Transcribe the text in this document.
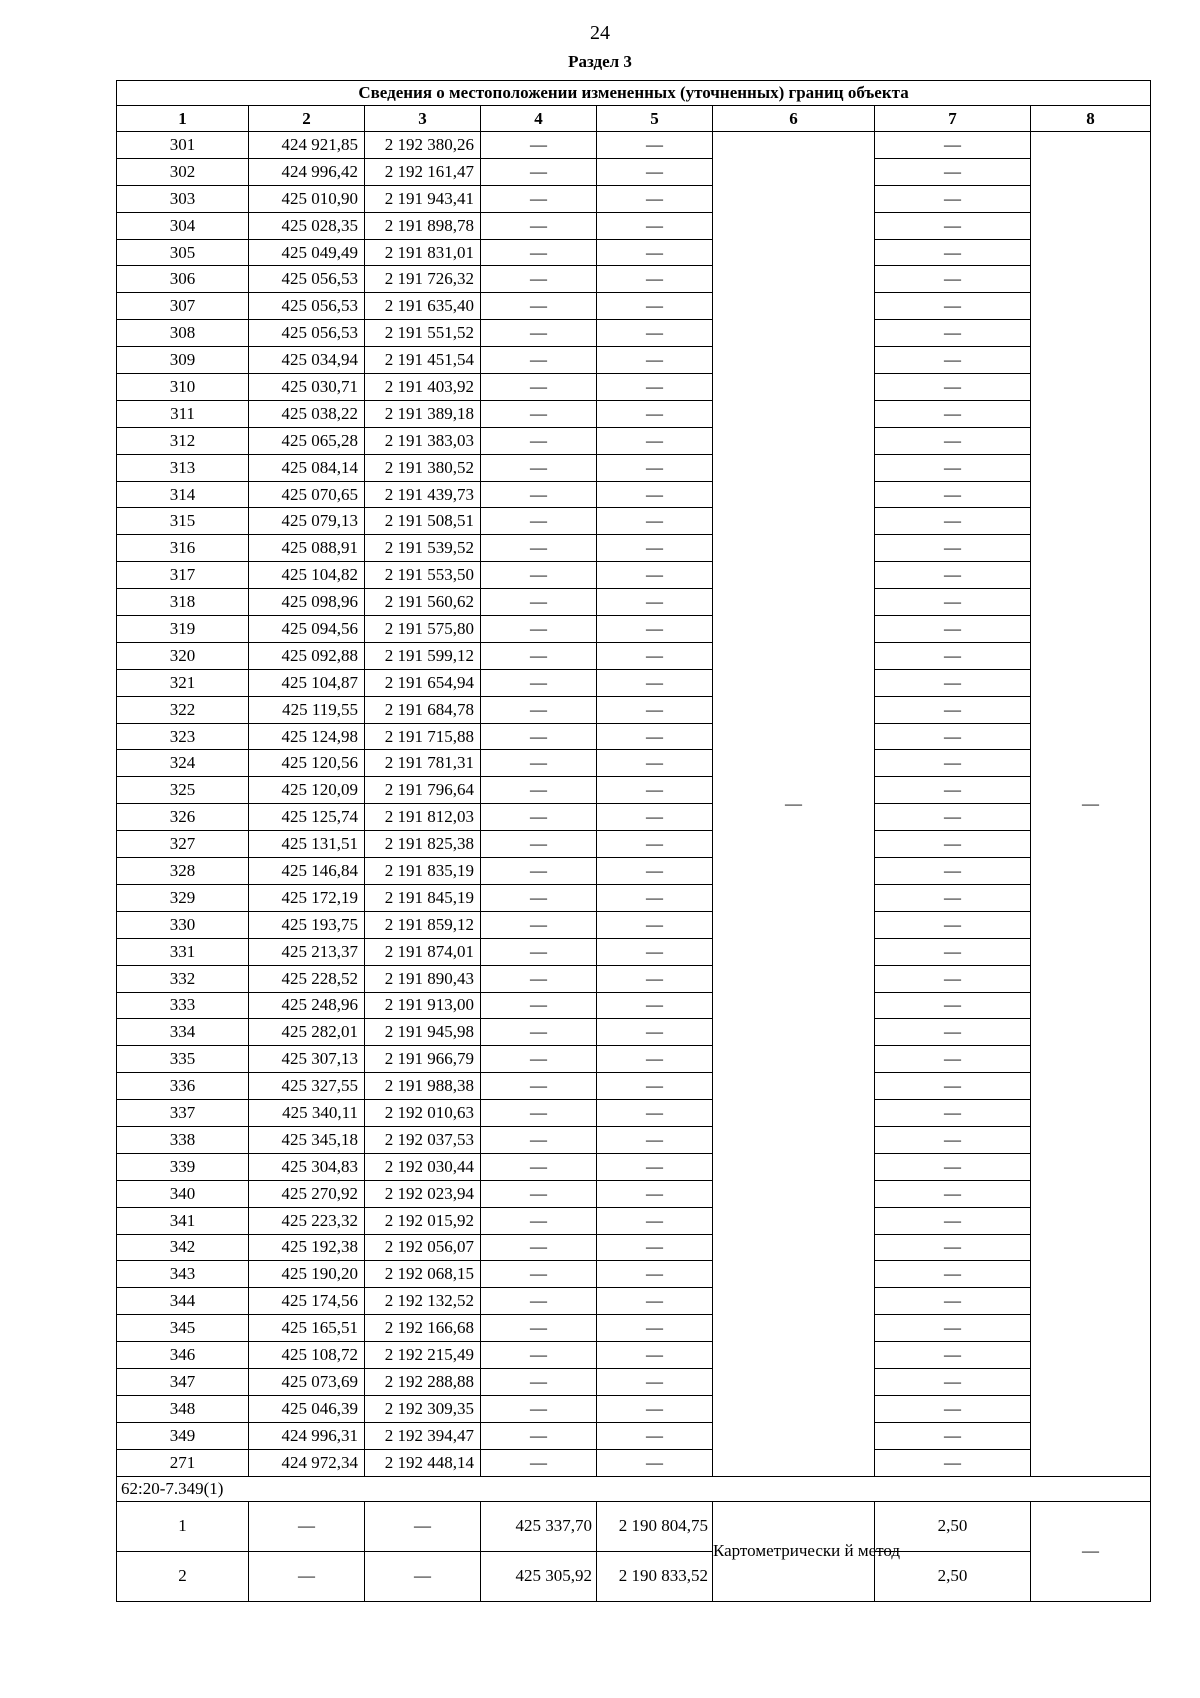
24
Раздел 3
Сведения о местоположении измененных (уточненных) границ объекта							
1	2	3	4	5	6	7	8
301	424 921,85	2 192 380,26	—	—	—	—	—
302	424 996,42	2 192 161,47	—	—		—	
303	425 010,90	2 191 943,41	—	—		—	
304	425 028,35	2 191 898,78	—	—		—	
305	425 049,49	2 191 831,01	—	—		—	
306	425 056,53	2 191 726,32	—	—		—	
307	425 056,53	2 191 635,40	—	—		—	
308	425 056,53	2 191 551,52	—	—		—	
309	425 034,94	2 191 451,54	—	—		—	
310	425 030,71	2 191 403,92	—	—		—	
311	425 038,22	2 191 389,18	—	—		—	
312	425 065,28	2 191 383,03	—	—		—	
313	425 084,14	2 191 380,52	—	—		—	
314	425 070,65	2 191 439,73	—	—		—	
315	425 079,13	2 191 508,51	—	—		—	
316	425 088,91	2 191 539,52	—	—		—	
317	425 104,82	2 191 553,50	—	—		—	
318	425 098,96	2 191 560,62	—	—		—	
319	425 094,56	2 191 575,80	—	—		—	
320	425 092,88	2 191 599,12	—	—		—	
321	425 104,87	2 191 654,94	—	—		—	
322	425 119,55	2 191 684,78	—	—		—	
323	425 124,98	2 191 715,88	—	—		—	
324	425 120,56	2 191 781,31	—	—		—	
325	425 120,09	2 191 796,64	—	—		—	
326	425 125,74	2 191 812,03	—	—		—	
327	425 131,51	2 191 825,38	—	—		—	
328	425 146,84	2 191 835,19	—	—		—	
329	425 172,19	2 191 845,19	—	—		—	
330	425 193,75	2 191 859,12	—	—		—	
331	425 213,37	2 191 874,01	—	—		—	
332	425 228,52	2 191 890,43	—	—		—	
333	425 248,96	2 191 913,00	—	—		—	
334	425 282,01	2 191 945,98	—	—		—	
335	425 307,13	2 191 966,79	—	—		—	
336	425 327,55	2 191 988,38	—	—		—	
337	425 340,11	2 192 010,63	—	—		—	
338	425 345,18	2 192 037,53	—	—		—	
339	425 304,83	2 192 030,44	—	—		—	
340	425 270,92	2 192 023,94	—	—		—	
341	425 223,32	2 192 015,92	—	—		—	
342	425 192,38	2 192 056,07	—	—		—	
343	425 190,20	2 192 068,15	—	—		—	
344	425 174,56	2 192 132,52	—	—		—	
345	425 165,51	2 192 166,68	—	—		—	
346	425 108,72	2 192 215,49	—	—		—	
347	425 073,69	2 192 288,88	—	—		—	
348	425 046,39	2 192 309,35	—	—		—	
349	424 996,31	2 192 394,47	—	—		—	
271	424 972,34	2 192 448,14	—	—		—	
62:20-7.349(1)							
1	—	—	425 337,70	2 190 804,75	Картометрически й метод	2,50	—
2	—	—	425 305,92	2 190 833,52		2,50	
